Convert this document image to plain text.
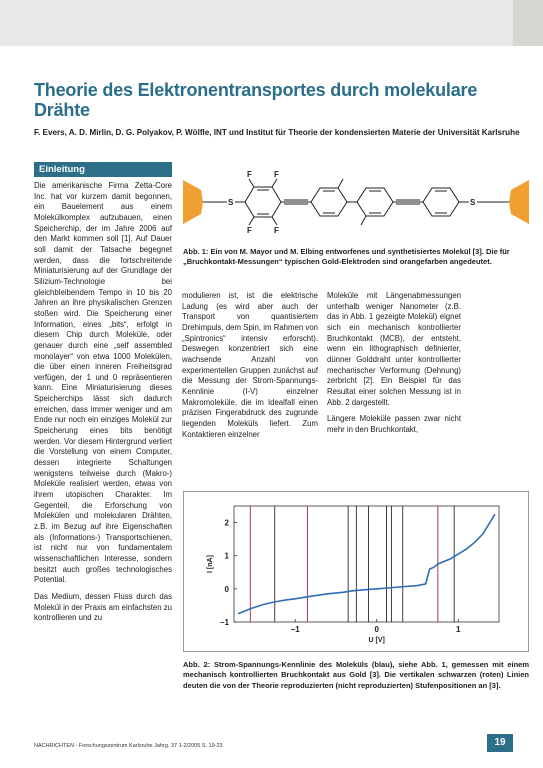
Theorie des Elektronentransportes durch molekulare Drähte
F. Evers, A. D. Mirlin, D. G. Polyakov, P. Wölfle, INT und Institut für Theorie der kondensierten Materie der Universität Karlsruhe
Einleitung

Die amerikanische Firma Zetta-Core Inc. hat vor kurzem damit begonnen, ein Bauelement aus einem Molekülkomplex aufzubauen, einen Speicherchip, der im Jahre 2006 auf den Markt kommen soll [1]. Auf Dauer soll damit der Tatsache begegnet werden, dass die fortschreitende Miniaturisierung auf der Grundlage der Silizium-Technologie bei gleichbleibendem Tempo in 10 bis 20 Jahren an ihre physikalischen Grenzen stoßen wird. Die Speicherung einer Information, eines „bits“, erfolgt in diesem Chip durch Moleküle, oder genauer durch eine „self assembled monolayer“ von etwa 1000 Molekülen, die über einen inneren Freiheitsgrad verfügen, der 1 und 0 repräsentieren kann. Eine Miniaturisierung dieses Speicherchips lässt sich dadurch erreichen, dass immer weniger und am Ende nur noch ein einziges Molekül zur Speicherung eines bits benötigt werden. Vor diesem Hintergrund verliert die Vorstellung von einem Computer, dessen integrierte Schaltungen wenigstens teilweise durch (Makro-) Moleküle realisiert werden, etwas von ihrem utopischen Charakter. Im Gegenteil, die Erforschung von Molekülen und molekularen Drähten, z.B. im Bezug auf ihre Eigenschaften als (Informations-) Transportschienen, ist nicht nur von fundamentalem wissenschaftlichen Interesse, sondern besitzt auch großes technologisches Potential.

Das Medium, dessen Fluss durch das Molekül in der Praxis am einfachsten zu kontrollieren und zu

F	F
F	F
S	S
Abb. 1: Ein von M. Mayor und M. Elbing entworfenes und synthetisiertes Molekül [3]. Die für „Bruchkontakt-Messungen“ typischen Gold-Elektroden sind orangefarben angedeutet.

modulieren ist, ist die elektrische Ladung (es wird aber auch der Transport von quantisiertem Drehimpuls, dem Spin, im Rahmen von „Spintronics“ intensiv erforscht). Deswegen konzentriert sich eine wachsende Anzahl von experimentellen Gruppen zunächst auf die Messung der Strom-Spannungs-Kennlinie (I-V) einzelner Makromoleküle, die im Idealfall einen präzisen Fingerabdruck des zugrunde liegenden Moleküls liefert. Zum Kontaktieren einzelner

Moleküle mit Längenabmessungen unterhalb weniger Nanometer (z.B. das in Abb. 1 gezeigte Molekül) eignet sich ein mechanisch kontrollierter Bruchkontakt (MCB), der entsteht, wenn ein lithographisch definierter, dünner Golddraht unter kontrollierter mechanischer Verformung (Dehnung) zerbricht [2]. Ein Beispiel für das Resultat einer solchen Messung ist in Abb. 2 dargestellt.

Längere Moleküle passen zwar nicht mehr in den Bruchkontakt,

−1	0	1
−1
0
1
2
U [V]
I [nA]
Abb. 2: Strom-Spannungs-Kennlinie des Moleküls (blau), siehe Abb. 1, gemessen mit einem mechanisch kontrollierten Bruchkontakt aus Gold [3]. Die vertikalen schwarzen (roten) Linien deuten die von der Theorie reproduzierten (nicht reproduzierten) Stufenpositionen an [3].
NACHRICHTEN - Forschungszentrum Karlsruhe Jahrg. 37 1-2/2005 S. 19-23	19
